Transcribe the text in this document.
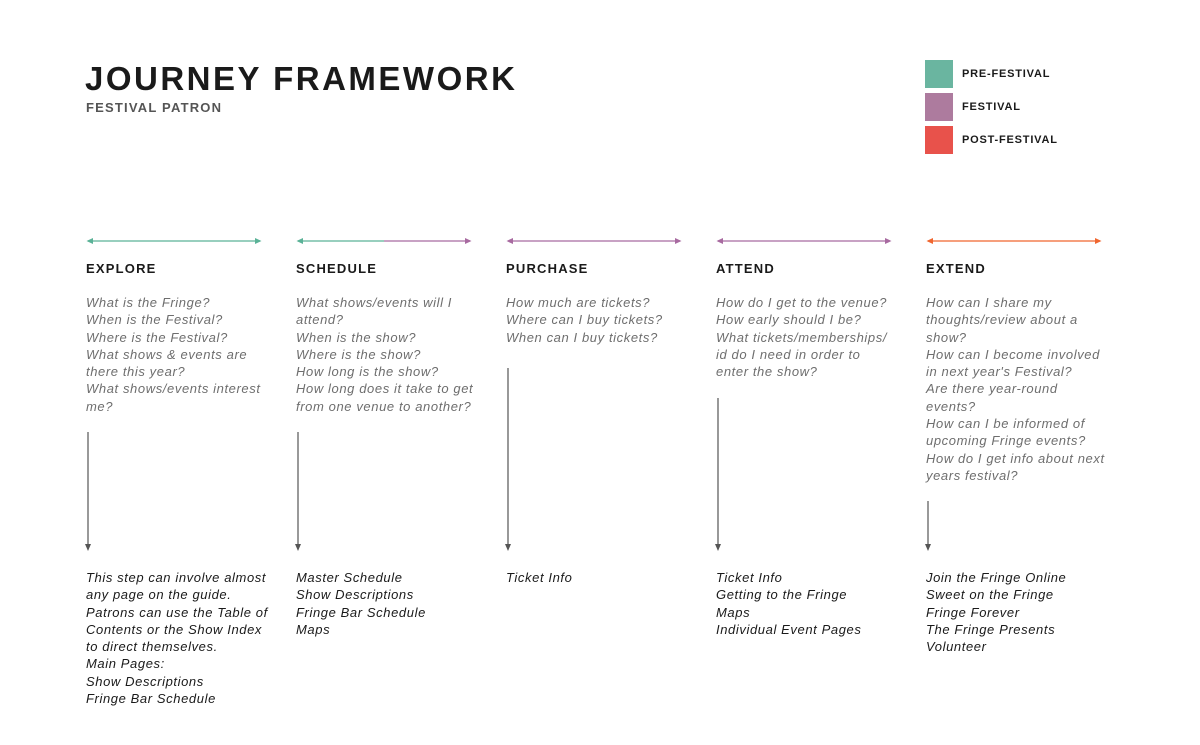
JOURNEY FRAMEWORK
FESTIVAL PATRON
PRE-FESTIVAL
FESTIVAL
POST-FESTIVAL
EXPLORE
What is the Fringe?
When is the Festival?
Where is the Festival?
What shows & events are
there this year?
What shows/events interest
me?
This step can involve almost
any page on the guide.
Patrons can use the Table of
Contents or the Show Index
to direct themselves.
Main Pages:
Show Descriptions
Fringe Bar Schedule
SCHEDULE
What shows/events will I
attend?
When is the show?
Where is the show?
How long is the show?
How long does it take to get
from one venue to another?
Master Schedule
Show Descriptions
Fringe Bar Schedule
Maps
PURCHASE
How much are tickets?
Where can I buy tickets?
When can I buy tickets?
Ticket Info
ATTEND
How do I get to the venue?
How early should I be?
What tickets/memberships/
id do I need in order to
enter the show?
Ticket Info
Getting to the Fringe
Maps
Individual Event Pages
EXTEND
How can I share my
thoughts/review about a
show?
How can I become involved
in next year's Festival?
Are there year-round
events?
How can I be informed of
upcoming Fringe events?
How do I get info about next
years festival?
Join the Fringe Online
Sweet on the Fringe
Fringe Forever
The Fringe Presents
Volunteer
